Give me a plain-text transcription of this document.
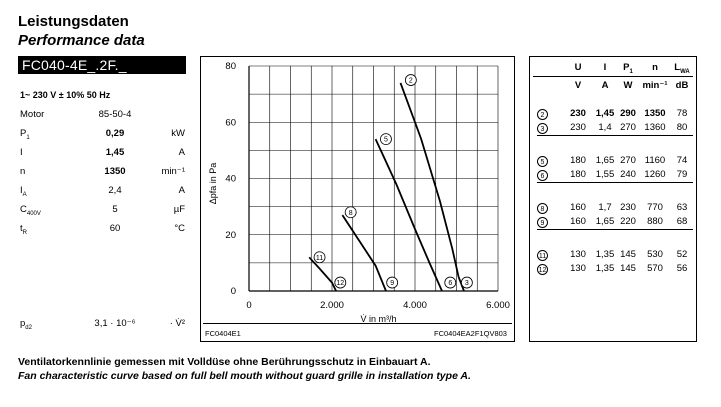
Leistungsdaten
Performance data
FC040-4E_.2F._
1~ 230 V ± 10% 50 Hz
Motor	85-50-4
$P_1$	0,29	kW
I	1,45	A
n	1350	min⁻¹
$I_A$	2,4	A
$C_{400V}$	5	µF
$t_R$	60	°C
$p_{d2}$	3,1 · 10⁻⁶	· V̇²
0
20
40
60
80
0	2.000	4.000	6.000
V̇ in m³/h
Δpfa in Pa
2
3
5
6
8
9
11
12
FC0404E1	FC0404EA2F1QV803
U	I	$P_1$	n	$L_{WA}$
V	A	W	min⁻¹ dB
2	230	1,45 290 1350	78
3	230	1,4 270 1360	80
5	180	1,65 270 1160	74
6	180	1,55 240 1260	79
8	160	1,7 230	770	63
9	160	1,65 220	880	68
11	130	1,35 145	530	52
12	130	1,35 145	570	56
Ventilatorkennlinie gemessen mit Volldüse ohne Berührungsschutz in Einbauart A.
Fan characteristic curve based on full bell mouth without guard grille in installation type A.
